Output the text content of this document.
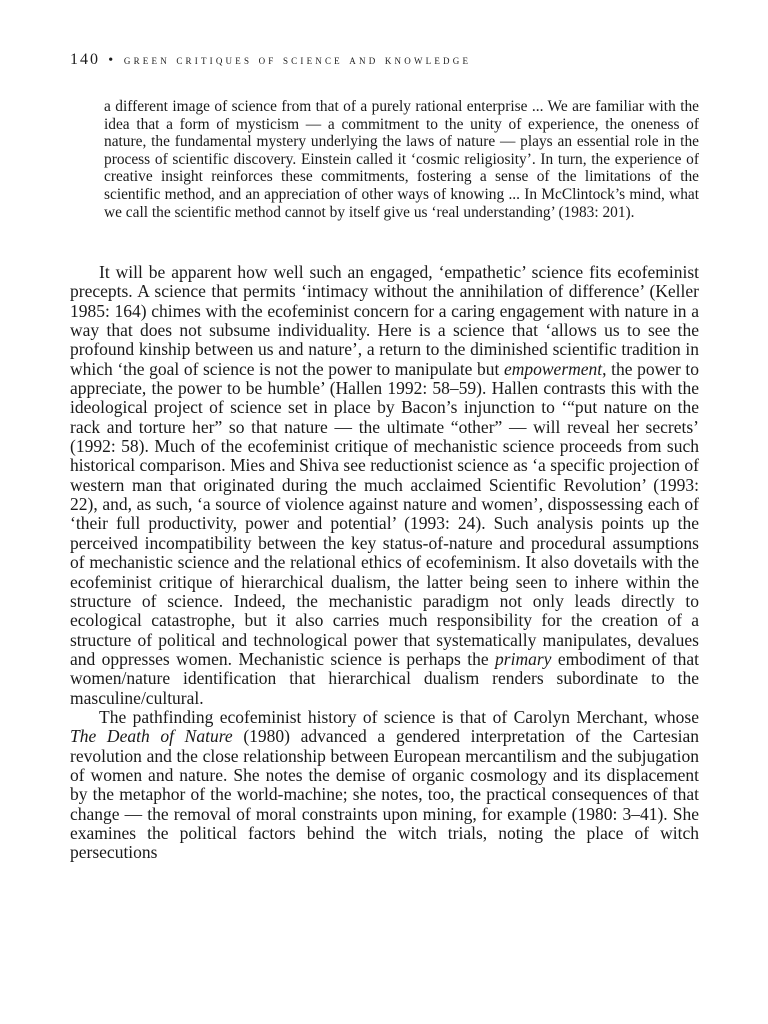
140 • green critiques of science and knowledge

a different image of science from that of a purely rational enterprise ... We are familiar with the idea that a form of mysticism — a commitment to the unity of experience, the oneness of nature, the fundamental mystery underlying the laws of nature — plays an essential role in the process of scientific discovery. Einstein called it ‘cosmic religiosity’. In turn, the experience of creative insight reinforces these commitments, fostering a sense of the limitations of the scientific method, and an appreciation of other ways of knowing ... In McClintock’s mind, what we call the scientific method cannot by itself give us ‘real understanding’ (1983: 201).

It will be apparent how well such an engaged, ‘empathetic’ science fits ecofeminist precepts. A science that permits ‘intimacy without the annihilation of difference’ (Keller 1985: 164) chimes with the ecofeminist concern for a caring engagement with nature in a way that does not subsume individuality. Here is a science that ‘allows us to see the profound kinship between us and nature’, a return to the diminished scientific tradition in which ‘the goal of science is not the power to manipulate but empowerment, the power to appreciate, the power to be humble’ (Hallen 1992: 58–59). Hallen contrasts this with the ideological project of science set in place by Bacon’s injunction to ‘“put nature on the rack and torture her” so that nature — the ultimate “other” — will reveal her secrets’ (1992: 58). Much of the ecofeminist critique of mechanistic science proceeds from such historical comparison. Mies and Shiva see reductionist science as ‘a specific projection of western man that originated during the much acclaimed Scientific Revolution’ (1993: 22), and, as such, ‘a source of violence against nature and women’, dispossessing each of ‘their full productivity, power and potential’ (1993: 24). Such analysis points up the perceived incompatibility between the key status-of-nature and procedural assumptions of mechanistic science and the relational ethics of ecofeminism. It also dovetails with the ecofeminist critique of hierarchical dualism, the latter being seen to inhere within the structure of science. Indeed, the mechanistic paradigm not only leads directly to ecological catastrophe, but it also carries much responsibility for the creation of a structure of political and technological power that systematically manipulates, devalues and oppresses women. Mechanistic science is perhaps the primary embodiment of that women/nature identification that hierarchical dualism renders subordinate to the masculine/cultural.

The pathfinding ecofeminist history of science is that of Carolyn Merchant, whose The Death of Nature (1980) advanced a gendered interpretation of the Cartesian revolution and the close relationship between European mercantilism and the subjugation of women and nature. She notes the demise of organic cosmology and its displacement by the metaphor of the world-machine; she notes, too, the practical consequences of that change — the removal of moral constraints upon mining, for example (1980: 3–41). She examines the political factors behind the witch trials, noting the place of witch persecutions
